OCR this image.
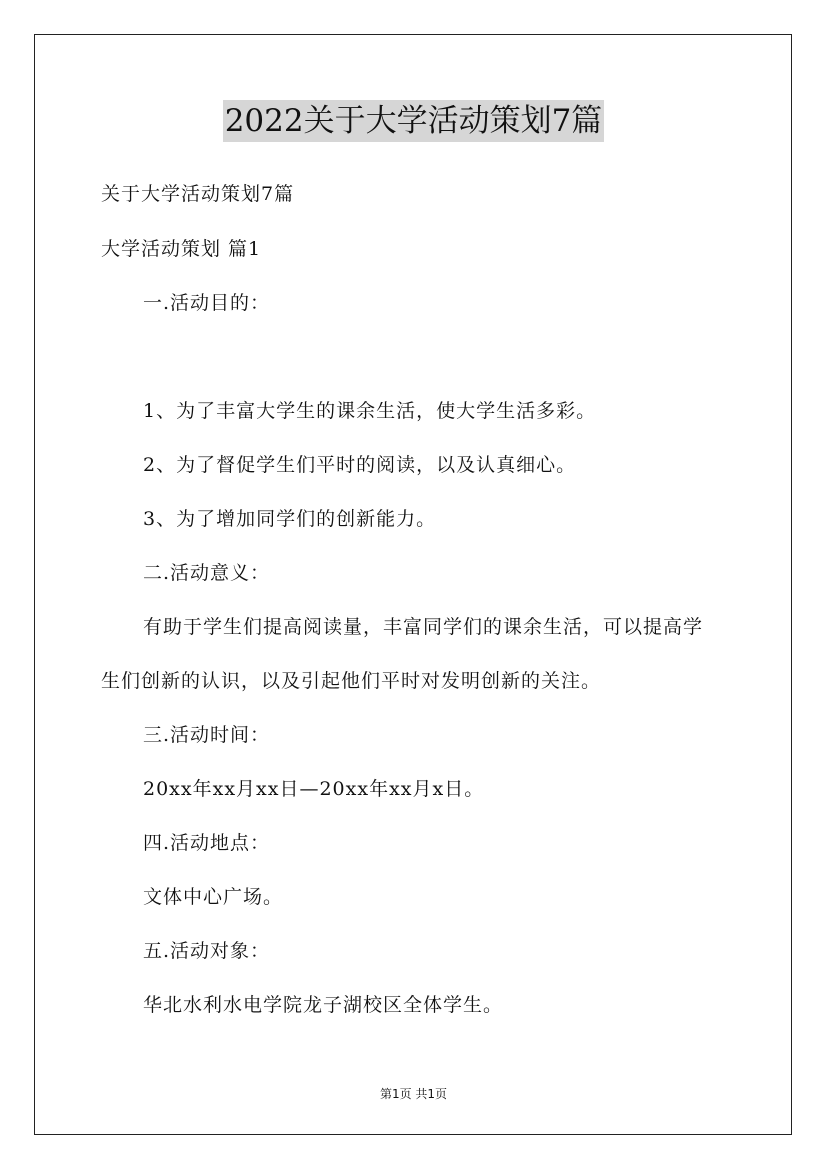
2022关于大学活动策划7篇
关于大学活动策划7篇
大学活动策划 篇1
一.活动目的：
1、为了丰富大学生的课余生活，使大学生活多彩。
2、为了督促学生们平时的阅读，以及认真细心。
3、为了增加同学们的创新能力。
二.活动意义：
有助于学生们提高阅读量，丰富同学们的课余生活，可以提高学
生们创新的认识，以及引起他们平时对发明创新的关注。
三.活动时间：
20xx年xx月xx日—20xx年xx月x日。
四.活动地点：
文体中心广场。
五.活动对象：
华北水利水电学院龙子湖校区全体学生。
第1页 共1页
